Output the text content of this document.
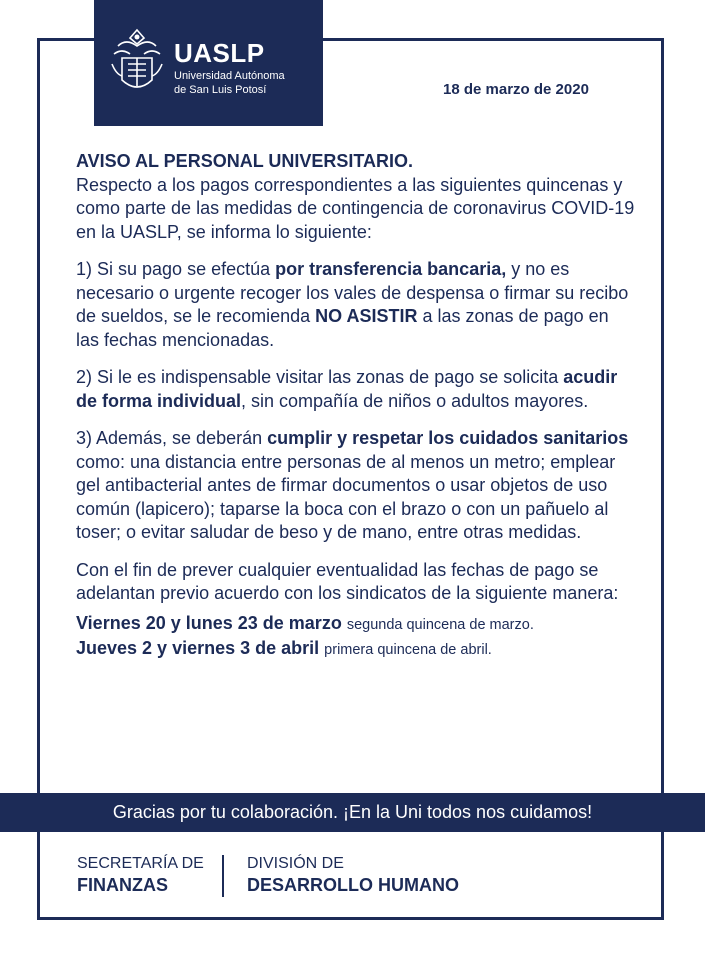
UASLP
Universidad Autónoma
de San Luis Potosí	18 de marzo de 2020

AVISO AL PERSONAL UNIVERSITARIO.
Respecto a los pagos correspondientes a las siguientes quincenas y como parte de las medidas de contingencia de coronavirus COVID-19 en la UASLP, se informa lo siguiente:

1) Si su pago se efectúa por transferencia bancaria, y no es necesario o urgente recoger los vales de despensa o firmar su recibo de sueldos, se le recomienda NO ASISTIR a las zonas de pago en las fechas mencionadas.

2) Si le es indispensable visitar las zonas de pago se solicita acudir de forma individual, sin compañía de niños o adultos mayores.

3) Además, se deberán cumplir y respetar los cuidados sanitarios como: una distancia entre personas de al menos un metro; emplear gel antibacterial antes de firmar documentos o usar objetos de uso común (lapicero); taparse la boca con el brazo o con un pañuelo al toser; o evitar saludar de beso y de mano, entre otras medidas.

Con el fin de prever cualquier eventualidad las fechas de pago se adelantan previo acuerdo con los sindicatos de la siguiente manera:

Viernes 20 y lunes 23 de marzo segunda quincena de marzo.
Jueves 2 y viernes 3 de abril primera quincena de abril.
Gracias por tu colaboración. ¡En la Uni todos nos cuidamos!
SECRETARÍA DE
FINANZAS
DIVISIÓN DE
DESARROLLO HUMANO
